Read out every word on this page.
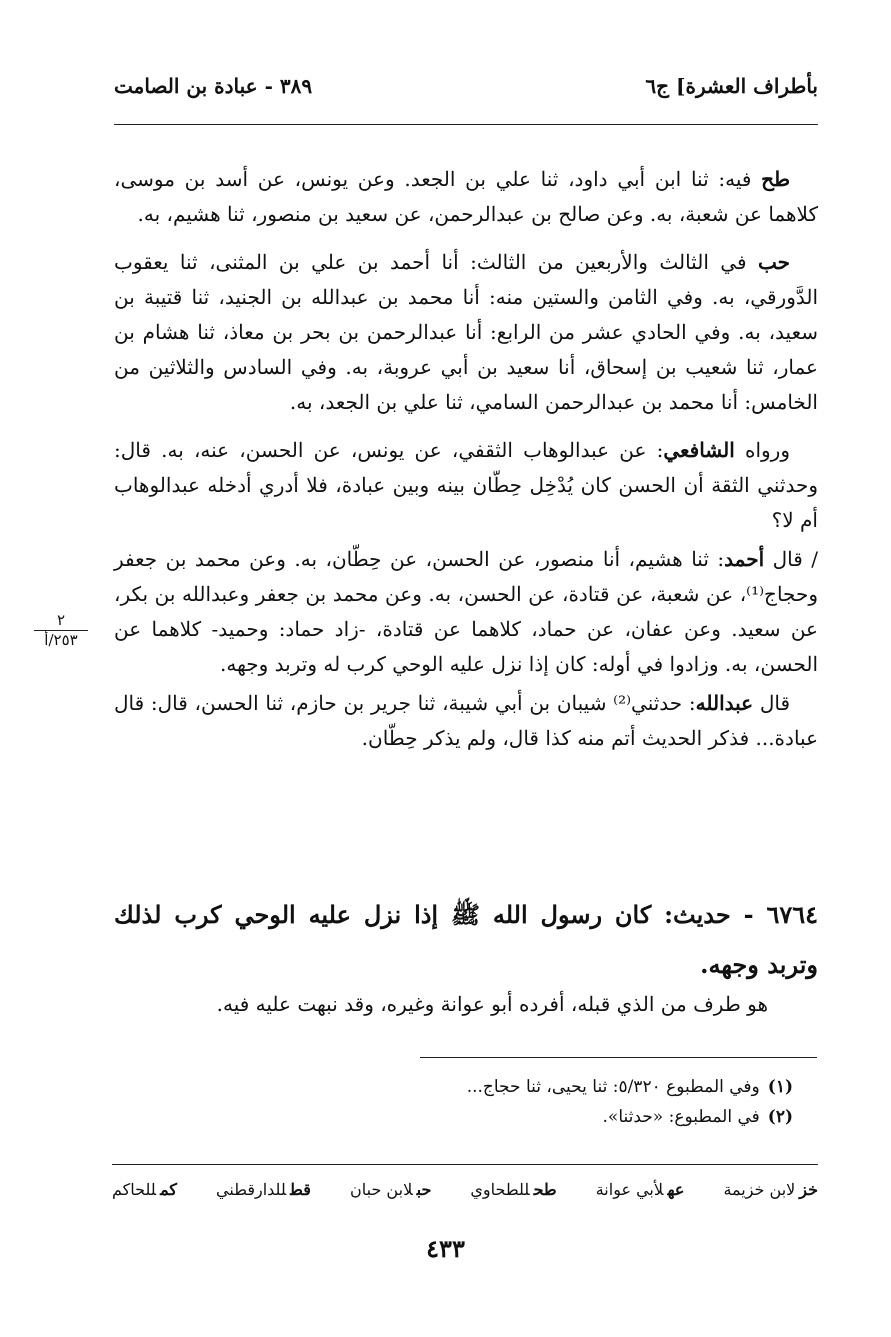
بأطراف العشرة] ج٦
٣٨٩ - عبادة بن الصامت

طح فيه: ثنا ابن أبي داود، ثنا علي بن الجعد. وعن يونس، عن أسد بن موسى، كلاهما عن شعبة، به. وعن صالح بن عبدالرحمن، عن سعيد بن منصور، ثنا هشيم، به.

حب في الثالث والأربعين من الثالث: أنا أحمد بن علي بن المثنى، ثنا يعقوب الدَّورقي، به. وفي الثامن والستين منه: أنا محمد بن عبدالله بن الجنيد، ثنا قتيبة بن سعيد، به. وفي الحادي عشر من الرابع: أنا عبدالرحمن بن بحر بن معاذ، ثنا هشام بن عمار، ثنا شعيب بن إسحاق، أنا سعيد بن أبي عروبة، به. وفي السادس والثلاثين من الخامس: أنا محمد بن عبدالرحمن السامي، ثنا علي بن الجعد، به.

ورواه الشافعي: عن عبدالوهاب الثقفي، عن يونس، عن الحسن، عنه، به. قال: وحدثني الثقة أن الحسن كان يُدْخِل حِطّان بينه وبين عبادة، فلا أدري أدخله عبدالوهاب أم لا؟

/ قال أحمد: ثنا هشيم، أنا منصور، عن الحسن، عن حِطّان، به. وعن محمد بن جعفر وحجاج⁽¹⁾، عن شعبة، عن قتادة، عن الحسن، به. وعن محمد بن جعفر وعبدالله بن بكر، عن سعيد. وعن عفان، عن حماد، كلاهما عن قتادة، -زاد حماد: وحميد- كلاهما عن الحسن، به. وزادوا في أوله: كان إذا نزل عليه الوحي كرب له وتربد وجهه.

قال عبدالله: حدثني⁽²⁾ شيبان بن أبي شيبة، ثنا جرير بن حازم، ثنا الحسن، قال: قال عبادة... فذكر الحديث أتم منه كذا قال، ولم يذكر حِطّان.

٢
٢٥٣/أ
٦٧٦٤ - حديث: كان رسول الله ﷺ إذا نزل عليه الوحي كرب لذلك وتربد وجهه.
هو طرف من الذي قبله، أفرده أبو عوانة وغيره، وقد نبهت عليه فيه.

(١)وفي المطبوع ٥/٣٢٠: ثنا يحيى، ثنا حجاج...

(٢)في المطبوع: «حدثنا».

خزلابن خزيمة
عهلأبي عوانة
طحللطحاوي
حبلابن حبان
قطللدارقطني
كمللحاكم
٤٣٣
